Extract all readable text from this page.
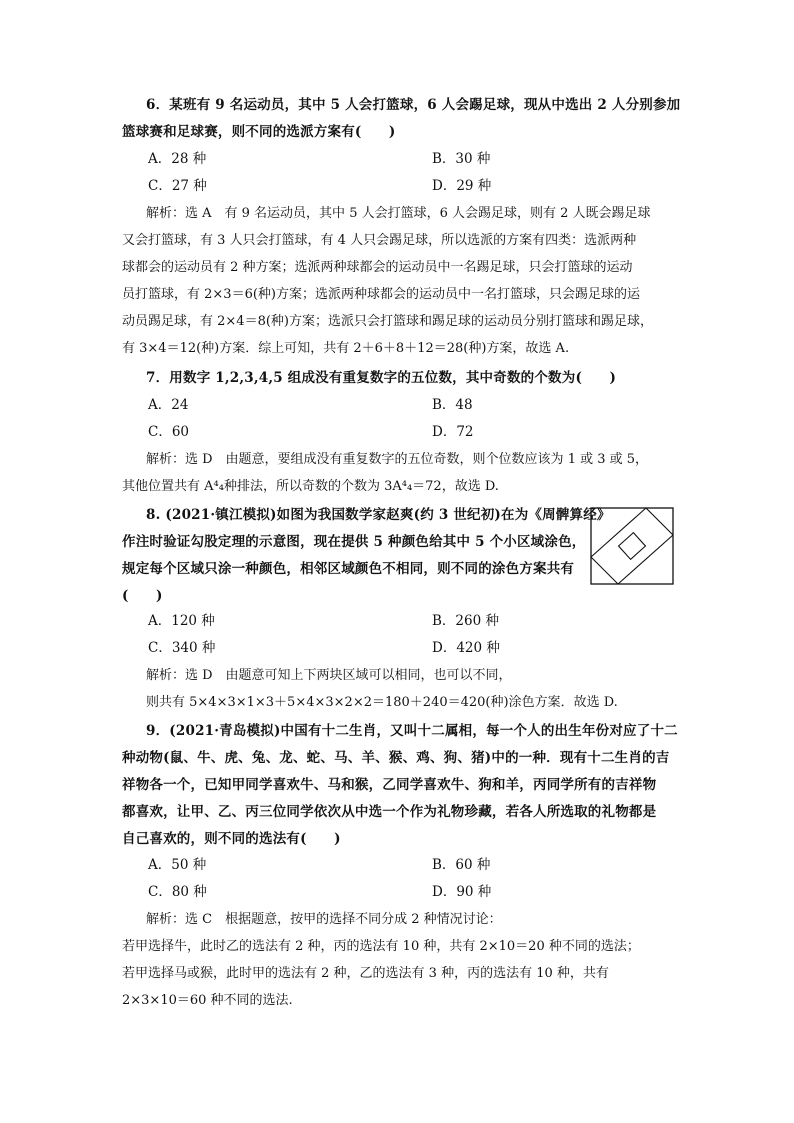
6．某班有 9 名运动员，其中 5 人会打篮球，6 人会踢足球，现从中选出 2 人分别参加
篮球赛和足球赛，则不同的选派方案有(　　)
A．28 种	B．30 种
C．27 种	D．29 种
解析：选 A　有 9 名运动员，其中 5 人会打篮球，6 人会踢足球，则有 2 人既会踢足球
又会打篮球，有 3 人只会打篮球，有 4 人只会踢足球，所以选派的方案有四类：选派两种
球都会的运动员有 2 种方案；选派两种球都会的运动员中一名踢足球，只会打篮球的运动
员打篮球，有 2×3＝6(种)方案；选派两种球都会的运动员中一名打篮球，只会踢足球的运
动员踢足球，有 2×4＝8(种)方案；选派只会打篮球和踢足球的运动员分别打篮球和踢足球，
有 3×4＝12(种)方案．综上可知，共有 2＋6＋8＋12＝28(种)方案，故选 A.
7．用数字 1,2,3,4,5 组成没有重复数字的五位数，其中奇数的个数为(　　)
A．24	B．48
C．60	D．72
解析：选 D　由题意，要组成没有重复数字的五位奇数，则个位数应该为 1 或 3 或 5，
其他位置共有 A⁴₄种排法，所以奇数的个数为 3A⁴₄＝72，故选 D.
8. (2021·镇江模拟)如图为我国数学家赵爽(约 3 世纪初)在为《周髀算经》
作注时验证勾股定理的示意图，现在提供 5 种颜色给其中 5 个小区域涂色，
规定每个区域只涂一种颜色，相邻区域颜色不相同，则不同的涂色方案共有
(　　)
A．120 种	B．260 种
C．340 种	D．420 种
解析：选 D　由题意可知上下两块区域可以相同，也可以不同，
则共有 5×4×3×1×3＋5×4×3×2×2＝180＋240＝420(种)涂色方案．故选 D.
9．(2021·青岛模拟)中国有十二生肖，又叫十二属相，每一个人的出生年份对应了十二
种动物(鼠、牛、虎、兔、龙、蛇、马、羊、猴、鸡、狗、猪)中的一种．现有十二生肖的吉
祥物各一个，已知甲同学喜欢牛、马和猴，乙同学喜欢牛、狗和羊，丙同学所有的吉祥物
都喜欢，让甲、乙、丙三位同学依次从中选一个作为礼物珍藏，若各人所选取的礼物都是
自己喜欢的，则不同的选法有(　　)
A．50 种	B．60 种
C．80 种	D．90 种
解析：选 C　根据题意，按甲的选择不同分成 2 种情况讨论：
若甲选择牛，此时乙的选法有 2 种，丙的选法有 10 种，共有 2×10＝20 种不同的选法；
若甲选择马或猴，此时甲的选法有 2 种，乙的选法有 3 种，丙的选法有 10 种，共有
2×3×10＝60 种不同的选法.
